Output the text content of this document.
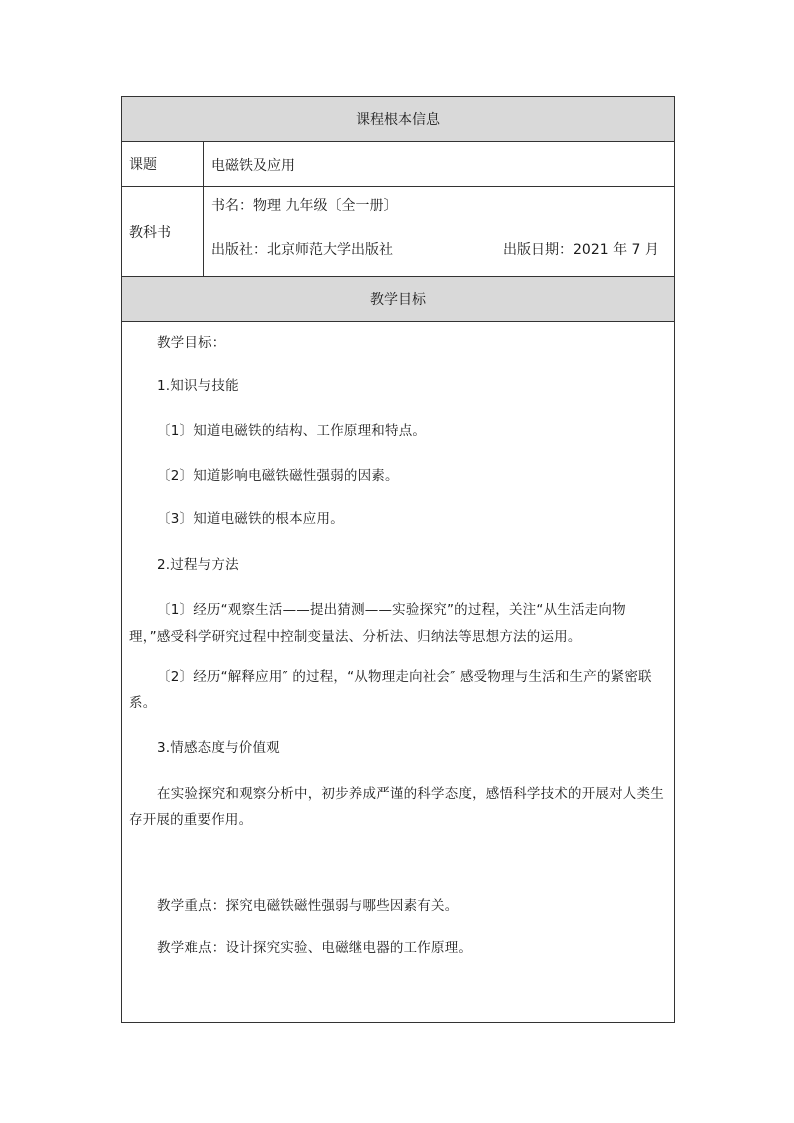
课程根本信息
课题	电磁铁及应用
教科书
书名：物理 九年级〔全一册〕
出版社：北京师范大学出版社	出版日期：2021 年 7 月
教学目标
教学目标：
1.知识与技能
〔1〕知道电磁铁的结构、工作原理和特点。
〔2〕知道影响电磁铁磁性强弱的因素。
〔3〕知道电磁铁的根本应用。
2.过程与方法
〔1〕经历“观察生活——提出猜测——实验探究”的过程，关注“从生活走向物
理，”感受科学研究过程中控制变量法、分析法、归纳法等思想方法的运用。
〔2〕经历“解释应用″ 的过程，“从物理走向社会″ 感受物理与生活和生产的紧密联
系。
3.情感态度与价值观
在实验探究和观察分析中，初步养成严谨的科学态度，感悟科学技术的开展对人类生
存开展的重要作用。
教学重点：探究电磁铁磁性强弱与哪些因素有关。
教学难点：设计探究实验、电磁继电器的工作原理。
